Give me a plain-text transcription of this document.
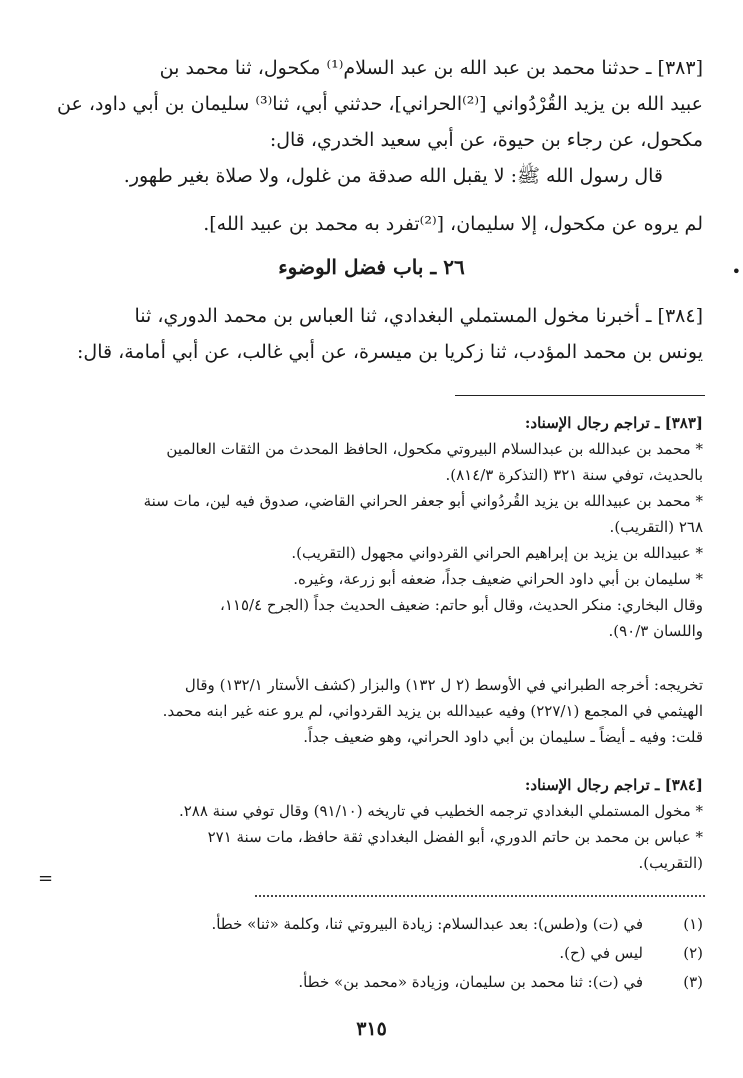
[٣٨٣] ـ حدثنا محمد بن عبد الله بن عبد السلام⁽¹⁾ مكحول، ثنا محمد بن
عبيد الله بن يزيد القُرْدُواني [⁽²⁾الحراني]، حدثني أبي، ثنا⁽³⁾ سليمان بن أبي داود، عن
مكحول، عن رجاء بن حيوة، عن أبي سعيد الخدري، قال:
قال رسول الله ﷺ: لا يقبل الله صدقة من غلول، ولا صلاة بغير طهور.
لم يروه عن مكحول، إلا سليمان، [⁽²⁾تفرد به محمد بن عبيد الله].
•
٢٦ ـ باب فضل الوضوء
[٣٨٤] ـ أخبرنا مخول المستملي البغدادي، ثنا العباس بن محمد الدوري، ثنا
يونس بن محمد المؤدب، ثنا زكريا بن ميسرة، عن أبي غالب، عن أبي أمامة، قال:
[٣٨٣] ـ تراجم رجال الإسناد:
* محمد بن عبدالله بن عبدالسلام البيروتي مكحول، الحافظ المحدث من الثقات العالمين
بالحديث، توفي سنة ٣٢١ (التذكرة ٨١٤/٣).
* محمد بن عبيدالله بن يزيد القُردُواني أبو جعفر الحراني القاضي، صدوق فيه لين، مات سنة
٢٦٨ (التقريب).
* عبيدالله بن يزيد بن إبراهيم الحراني القردواني مجهول (التقريب).
* سليمان بن أبي داود الحراني ضعيف جداً، ضعفه أبو زرعة، وغيره.
وقال البخاري: منكر الحديث، وقال أبو حاتم: ضعيف الحديث جداً (الجرح ١١٥/٤،
واللسان ٩٠/٣).
تخريجه: أخرجه الطبراني في الأوسط (٢ ل ١٣٢) والبزار (كشف الأستار ١٣٢/١) وقال
الهيثمي في المجمع (٢٢٧/١) وفيه عبيدالله بن يزيد القردواني، لم يرو عنه غير ابنه محمد.
قلت: وفيه ـ أيضاً ـ سليمان بن أبي داود الحراني، وهو ضعيف جداً.
[٣٨٤] ـ تراجم رجال الإسناد:
* مخول المستملي البغدادي ترجمه الخطيب في تاريخه (٩١/١٠) وقال توفي سنة ٢٨٨.
* عباس بن محمد بن حاتم الدوري، أبو الفضل البغدادي ثقة حافظ، مات سنة ٢٧١
(التقريب).
=
(١)
في (ت) و(طس): بعد عبدالسلام: زيادة البيروتي ثنا، وكلمة «ثنا» خطأ.
(٢)
ليس في (ح).
(٣)
في (ت): ثنا محمد بن سليمان، وزيادة «محمد بن» خطأ.
٣١٥
